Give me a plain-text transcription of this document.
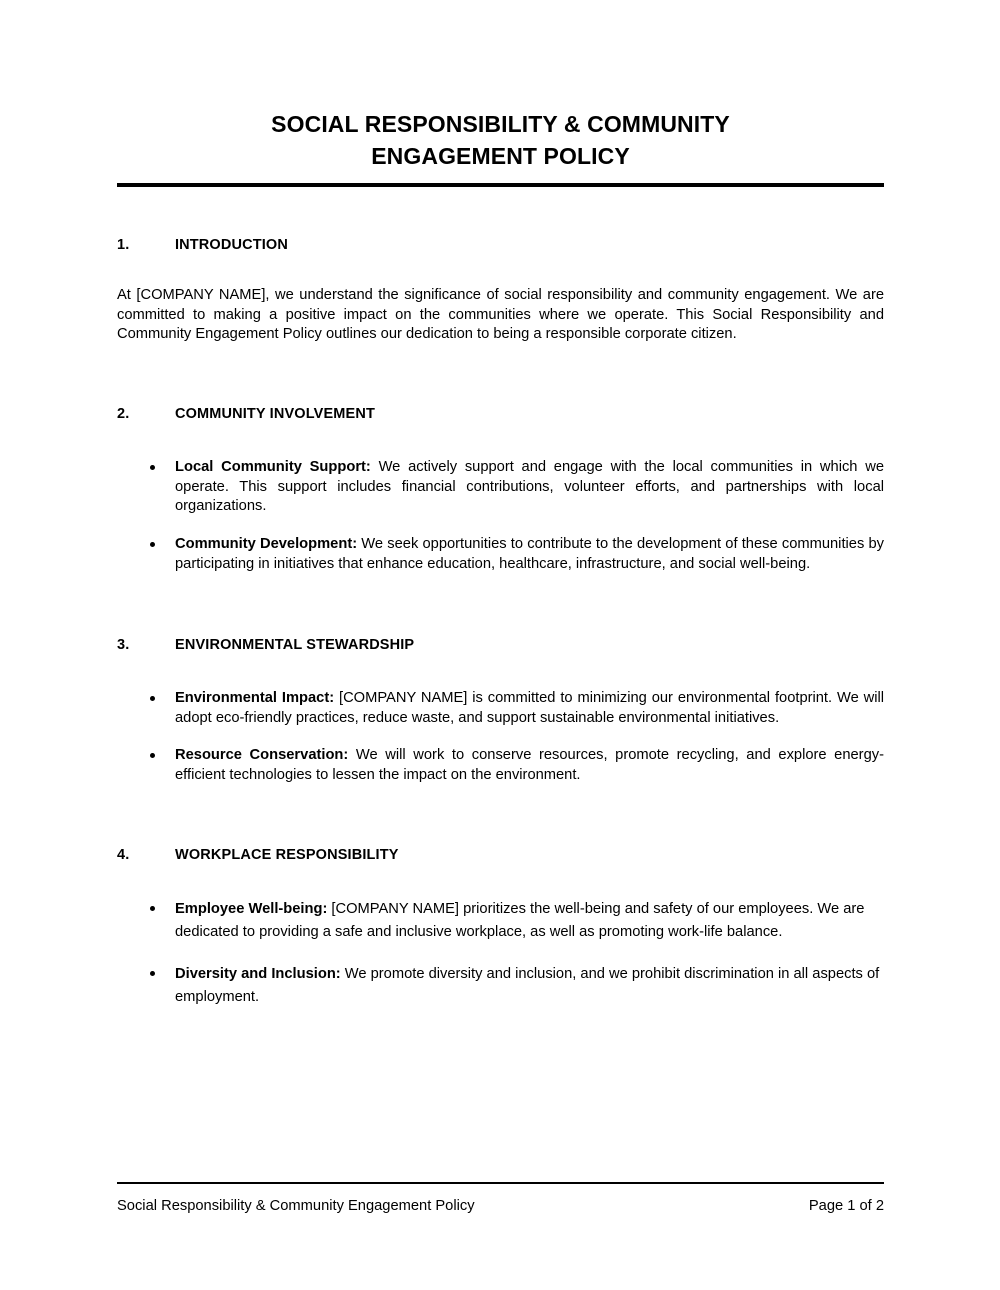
SOCIAL RESPONSIBILITY & COMMUNITY
ENGAGEMENT POLICY
1.	INTRODUCTION

At [COMPANY NAME], we understand the significance of social responsibility and community engagement. We are committed to making a positive impact on the communities where we operate. This Social Responsibility and Community Engagement Policy outlines our dedication to being a responsible corporate citizen.

2.	COMMUNITY INVOLVEMENT
Local Community Support: We actively support and engage with the local communities in which we operate. This support includes financial contributions, volunteer efforts, and partnerships with local organizations.
Community Development: We seek opportunities to contribute to the development of these communities by participating in initiatives that enhance education, healthcare, infrastructure, and social well-being.
3.	ENVIRONMENTAL STEWARDSHIP
Environmental Impact: [COMPANY NAME] is committed to minimizing our environmental footprint. We will adopt eco-friendly practices, reduce waste, and support sustainable environmental initiatives.
Resource Conservation: We will work to conserve resources, promote recycling, and explore energy-efficient technologies to lessen the impact on the environment.
4.	WORKPLACE RESPONSIBILITY
Employee Well-being: [COMPANY NAME] prioritizes the well-being and safety of our employees. We are dedicated to providing a safe and inclusive workplace, as well as promoting work-life balance.
Diversity and Inclusion: We promote diversity and inclusion, and we prohibit discrimination in all aspects of employment.
Social Responsibility & Community Engagement Policy	Page 1 of 2
